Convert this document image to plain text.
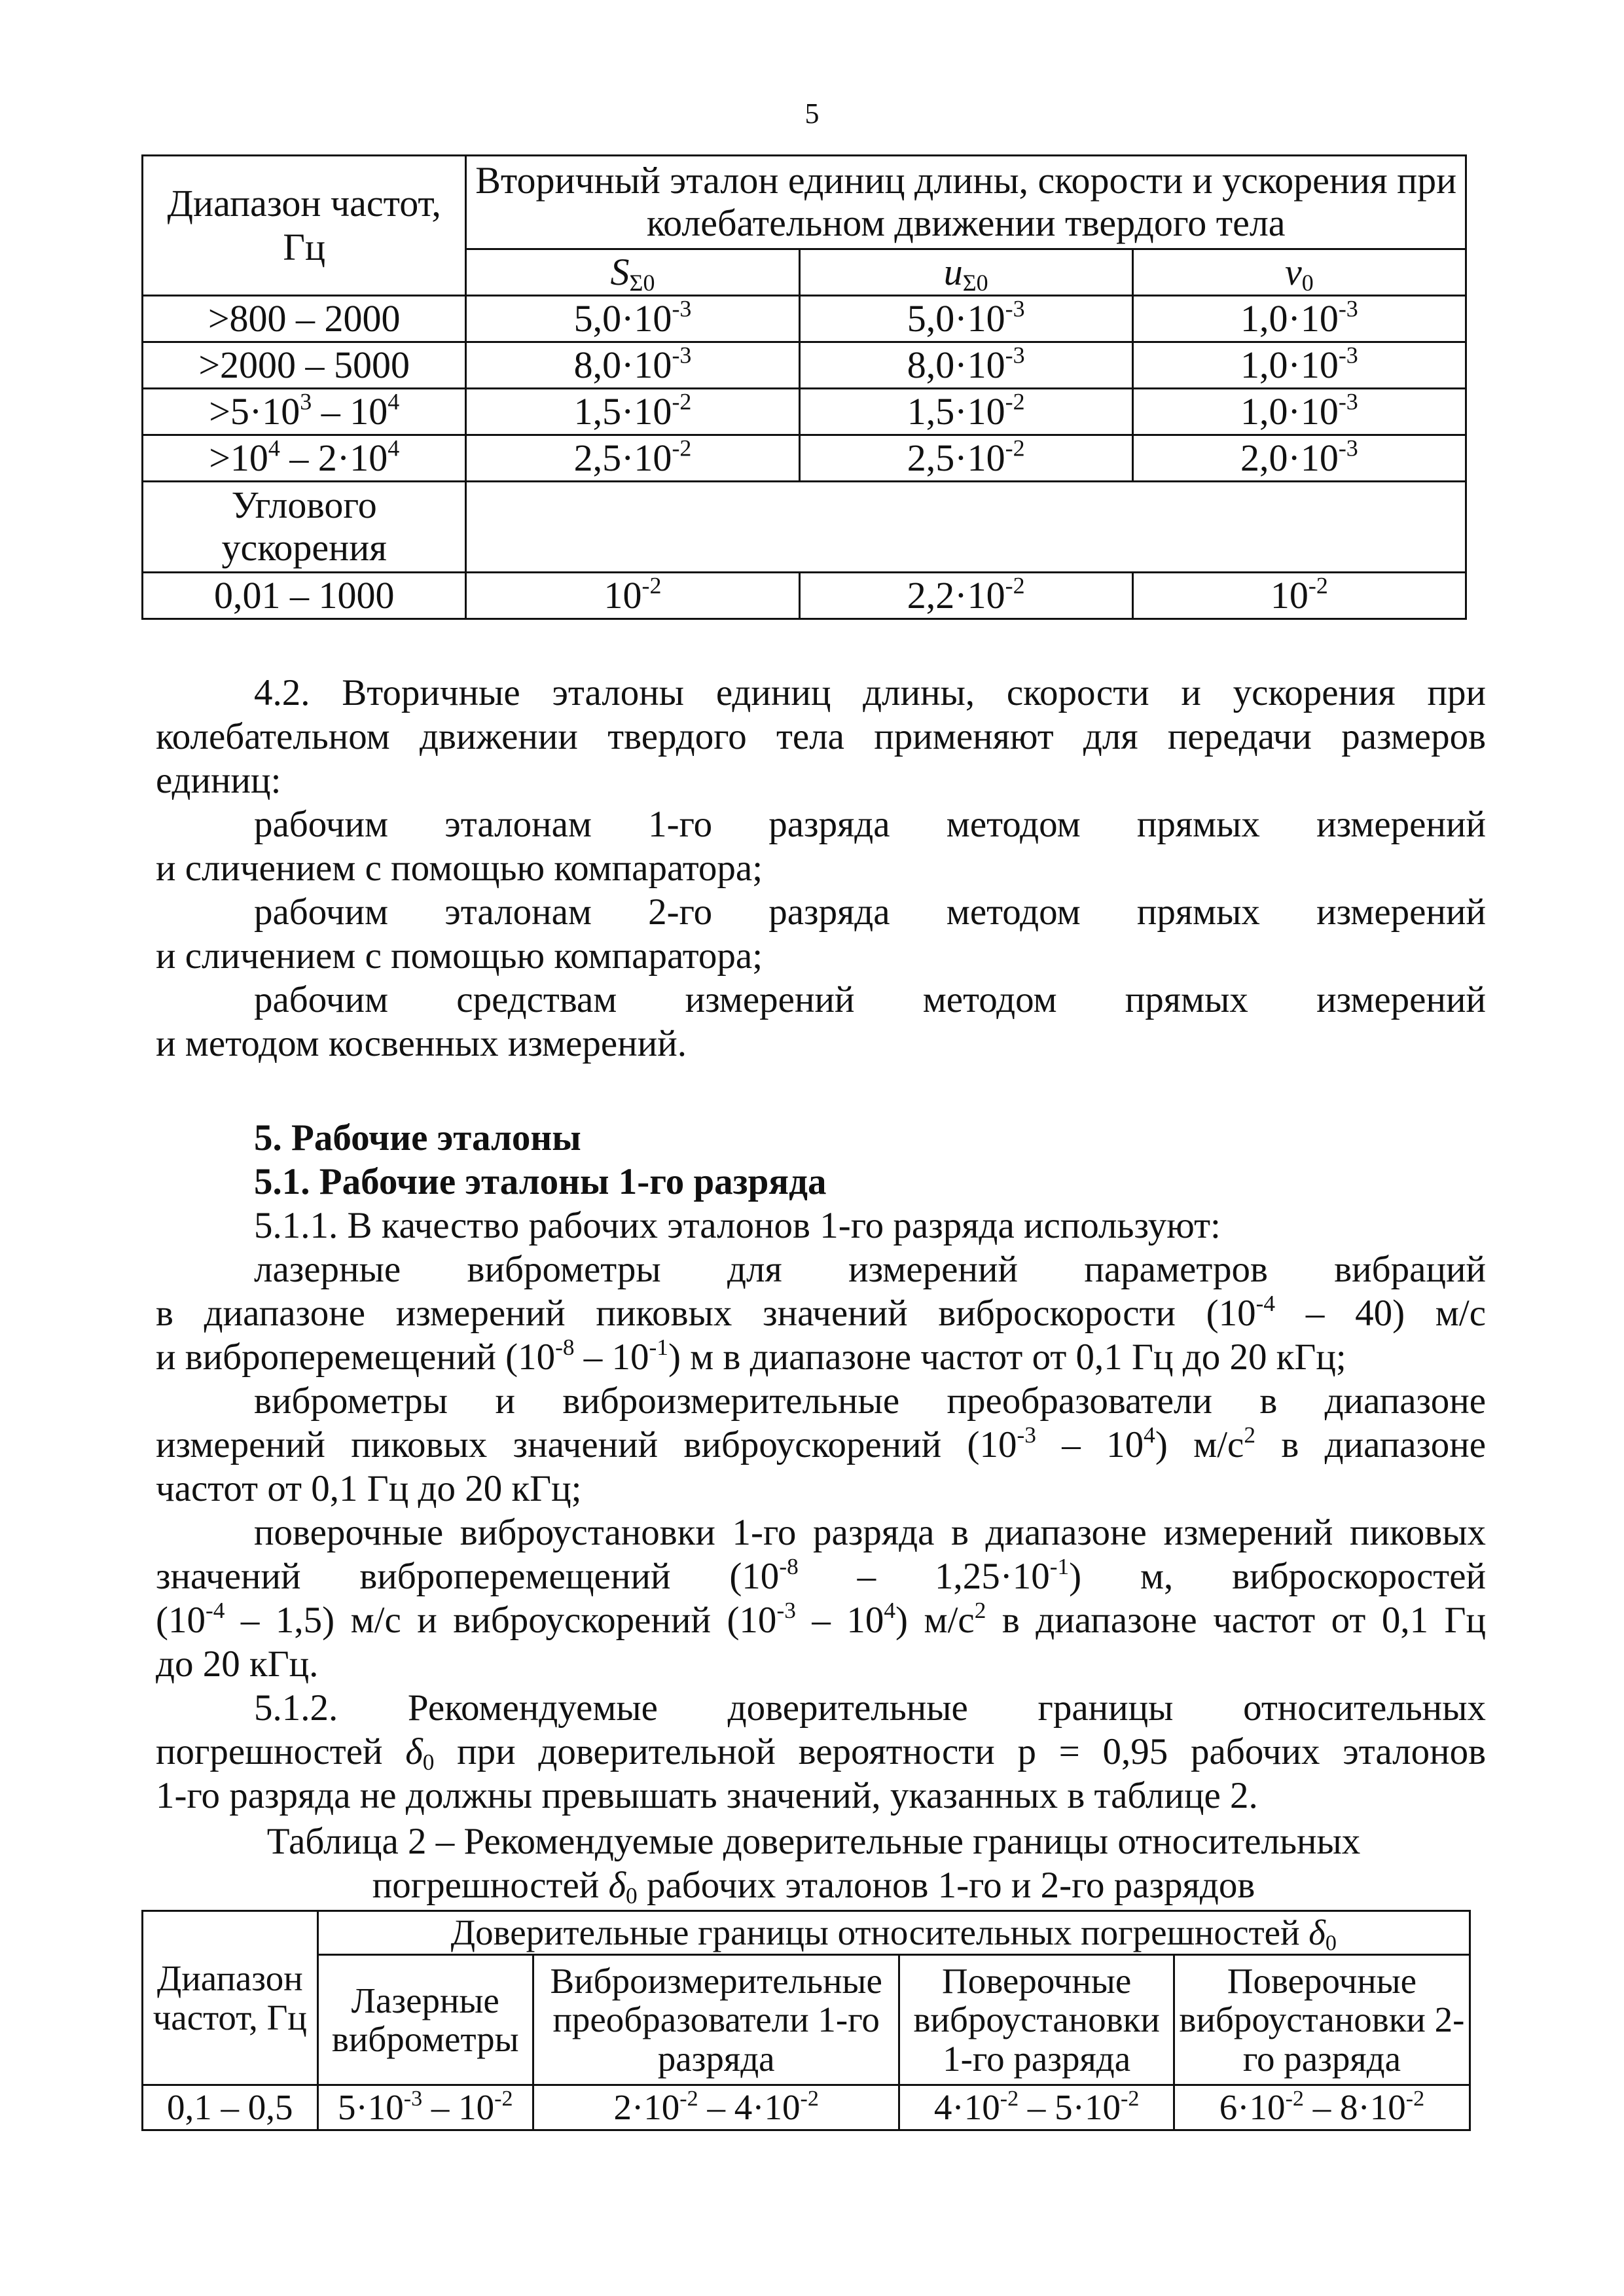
5
Диапазон частот, Гц	Вторичный эталон единиц длины, скорости и ускорения при колебательном движении твердого тела		
	$S_{\Sigma 0}$	$u_{\Sigma 0}$	$v_0$
>800 – 2000	$5,0\cdot 10^{-3}$	$5,0\cdot 10^{-3}$	$1,0\cdot 10^{-3}$
>2000 – 5000	$8,0\cdot 10^{-3}$	$8,0\cdot 10^{-3}$	$1,0\cdot 10^{-3}$
$>5\cdot 10^3 - 10^4$	$1,5\cdot 10^{-2}$	$1,5\cdot 10^{-2}$	$1,0\cdot 10^{-3}$
$>10^4 - 2\cdot 10^4$	$2,5\cdot 10^{-2}$	$2,5\cdot 10^{-2}$	$2,0\cdot 10^{-3}$
Углового ускорения			
0,01 – 1000	$10^{-2}$	$2,2\cdot 10^{-2}$	$10^{-2}$
4.2. Вторичные эталоны единиц длины, скорости и ускорения при
колебательном движении твердого тела применяют для передачи размеров
единиц:
рабочим эталонам 1-го разряда методом прямых измерений
и сличением с помощью компаратора;
рабочим эталонам 2-го разряда методом прямых измерений
и сличением с помощью компаратора;
рабочим средствам измерений методом прямых измерений
и методом косвенных измерений.
5. Рабочие эталоны
5.1. Рабочие эталоны 1-го разряда
5.1.1. В качество рабочих эталонов 1-го разряда используют:
лазерные виброметры для измерений параметров вибраций
в диапазоне измерений пиковых значений виброскорости $(10^{-4} - 40)$ м/с
и виброперемещений $(10^{-8} - 10^{-1})$ м в диапазоне частот от 0,1 Гц до 20 кГц;
виброметры и виброизмерительные преобразователи в диапазоне
измерений пиковых значений виброускорений $(10^{-3} - 10^4)$ $м/с^2$ в диапазоне
частот от 0,1 Гц до 20 кГц;
поверочные виброустановки 1-го разряда в диапазоне измерений пиковых
значений виброперемещений $(10^{-8} - 1,25\cdot 10^{-1})$ м, виброскоростей
$(10^{-4} - 1,5)$ м/с и виброускорений $(10^{-3} - 10^4)$ $м/с^2$ в диапазоне частот от 0,1 Гц
до 20 кГц.
5.1.2. Рекомендуемые доверительные границы относительных
погрешностей $\delta_0$ при доверительной вероятности р = 0,95 рабочих эталонов
1-го разряда не должны превышать значений, указанных в таблице 2.
Таблица 2 – Рекомендуемые доверительные границы относительных
погрешностей $\delta_0$ рабочих эталонов 1-го и 2-го разрядов
Диапазон частот, Гц	Доверительные границы относительных погрешностей $\delta_0$
	Лазерные виброметры	Виброизмерительные преобразователи 1-го разряда	Поверочные виброустановки 1-го разряда	Поверочные виброустановки 2-го разряда
0,1 – 0,5	$5\cdot 10^{-3} - 10^{-2}$	$2\cdot 10^{-2} - 4\cdot 10^{-2}$	$4\cdot 10^{-2} - 5\cdot 10^{-2}$	$6\cdot 10^{-2} - 8\cdot 10^{-2}$
